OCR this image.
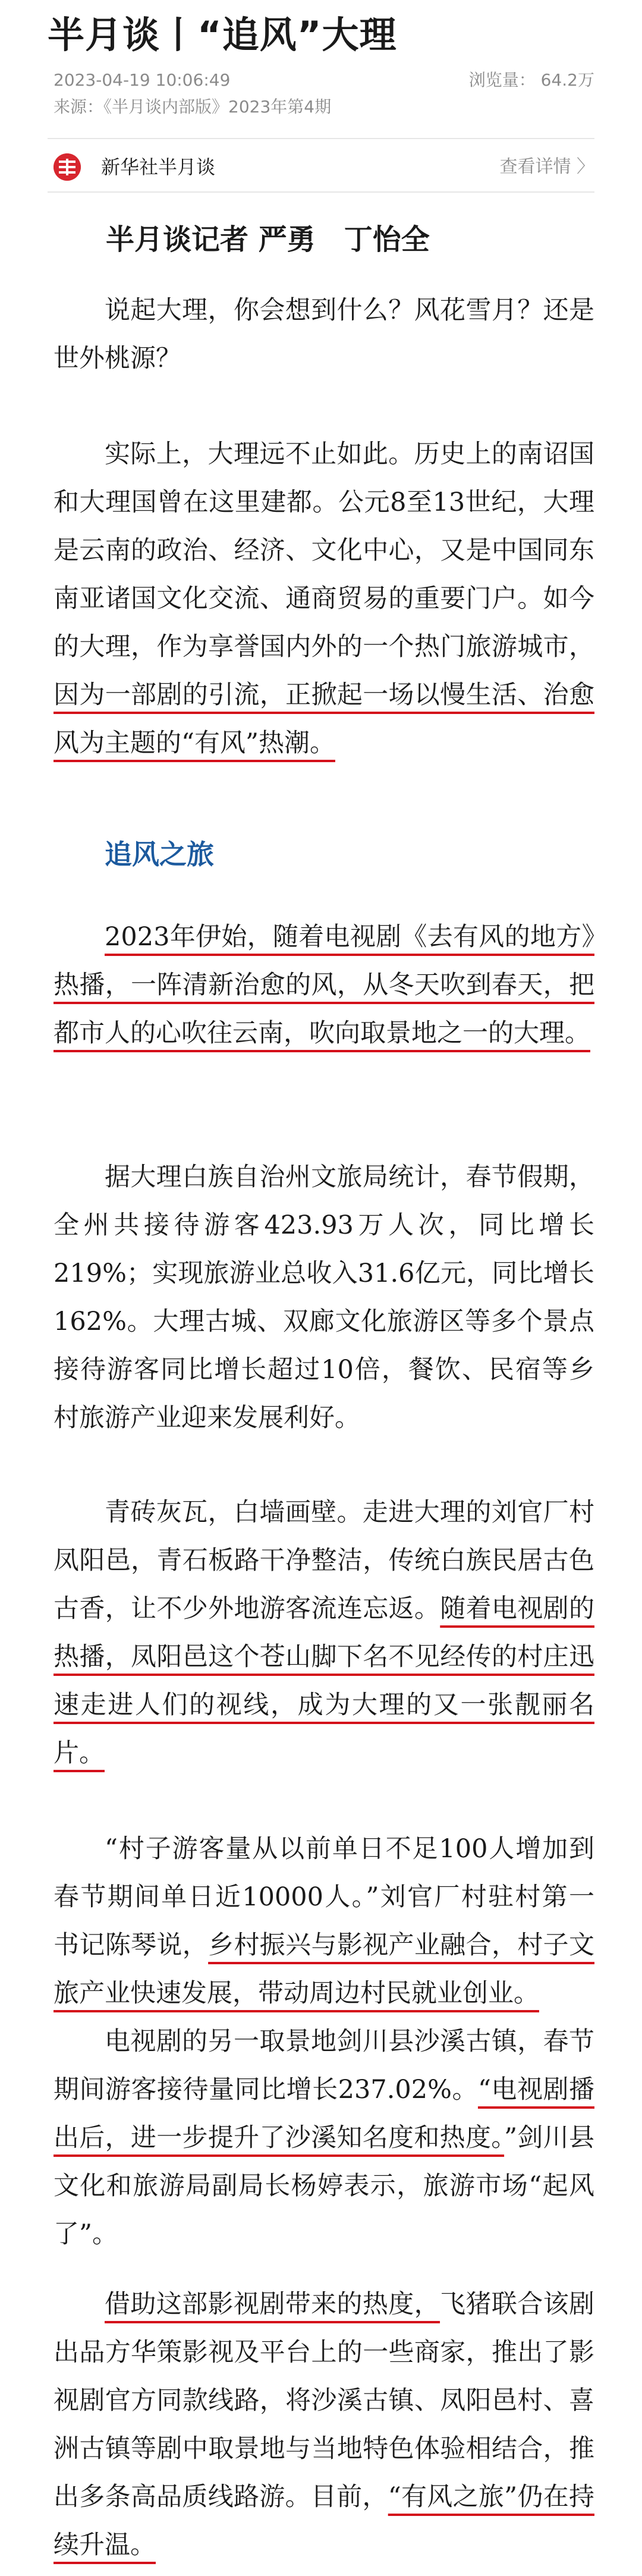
半月谈丨“追风”大理
2023-04-19 10:06:49	浏览量： 64.2万
来源：《半月谈内部版》2023年第4期
新华社半月谈	查看详情 〉
半月谈记者 严勇　丁怡全

说起大理，你会想到什么？风花雪月？还是世外桃源？

实际上，大理远不止如此。历史上的南诏国和大理国曾在这里建都。公元8至13世纪，大理是云南的政治、经济、文化中心，又是中国同东南亚诸国文化交流、通商贸易的重要门户。如今的大理，作为享誉国内外的一个热门旅游城市，因为一部剧的引流，正掀起一场以慢生活、治愈风为主题的“有风”热潮。

追风之旅

2023年伊始，随着电视剧《去有风的地方》热播，一阵清新治愈的风，从冬天吹到春天，把都市人的心吹往云南，吹向取景地之一的大理。

据大理白族自治州文旅局统计，春节假期，全州共接待游客423.93万人次，同比增长219%；实现旅游业总收入31.6亿元，同比增长162%。大理古城、双廊文化旅游区等多个景点接待游客同比增长超过10倍，餐饮、民宿等乡村旅游产业迎来发展利好。

青砖灰瓦，白墙画壁。走进大理的刘官厂村凤阳邑，青石板路干净整洁，传统白族民居古色古香，让不少外地游客流连忘返。随着电视剧的热播，凤阳邑这个苍山脚下名不见经传的村庄迅速走进人们的视线，成为大理的又一张靓丽名片。

“村子游客量从以前单日不足100人增加到春节期间单日近10000人。”刘官厂村驻村第一书记陈琴说，乡村振兴与影视产业融合，村子文旅产业快速发展，带动周边村民就业创业。

电视剧的另一取景地剑川县沙溪古镇，春节期间游客接待量同比增长237.02%。“电视剧播出后，进一步提升了沙溪知名度和热度。”剑川县文化和旅游局副局长杨婷表示，旅游市场“起风了”。

借助这部影视剧带来的热度，飞猪联合该剧出品方华策影视及平台上的一些商家，推出了影视剧官方同款线路，将沙溪古镇、凤阳邑村、喜洲古镇等剧中取景地与当地特色体验相结合，推出多条高品质线路游。目前，“有风之旅”仍在持续升温。
